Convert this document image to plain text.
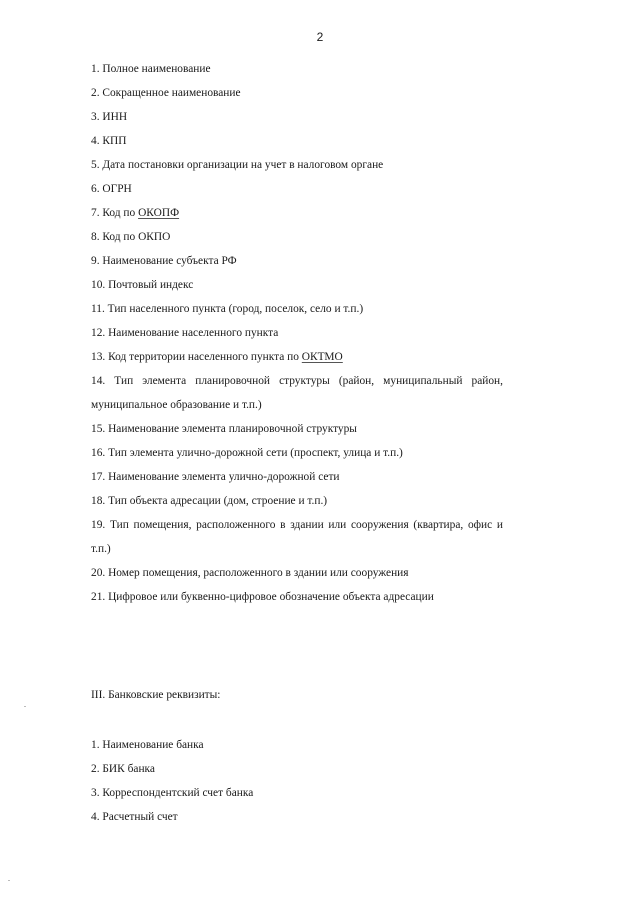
2
1. Полное наименование
2. Сокращенное наименование
3. ИНН
4. КПП
5. Дата постановки организации на учет в налоговом органе
6. ОГРН
7. Код по ОКОПФ
8. Код по ОКПО
9. Наименование субъекта РФ
10. Почтовый индекс
11. Тип населенного пункта (город, поселок, село и т.п.)
12. Наименование населенного пункта
13. Код территории населенного пункта по ОКТМО
14. Тип элемента планировочной структуры (район, муниципальный район,
муниципальное образование и т.п.)
15. Наименование элемента планировочной структуры
16. Тип элемента улично-дорожной сети (проспект, улица и т.п.)
17. Наименование элемента улично-дорожной сети
18. Тип объекта адресации (дом, строение и т.п.)
19. Тип помещения, расположенного в здании или сооружения (квартира, офис и
т.п.)
20. Номер помещения, расположенного в здании или сооружения
21. Цифровое или буквенно-цифровое обозначение объекта адресации
III. Банковские реквизиты:
1. Наименование банка
2. БИК банка
3. Корреспондентский счет банка
4. Расчетный счет
